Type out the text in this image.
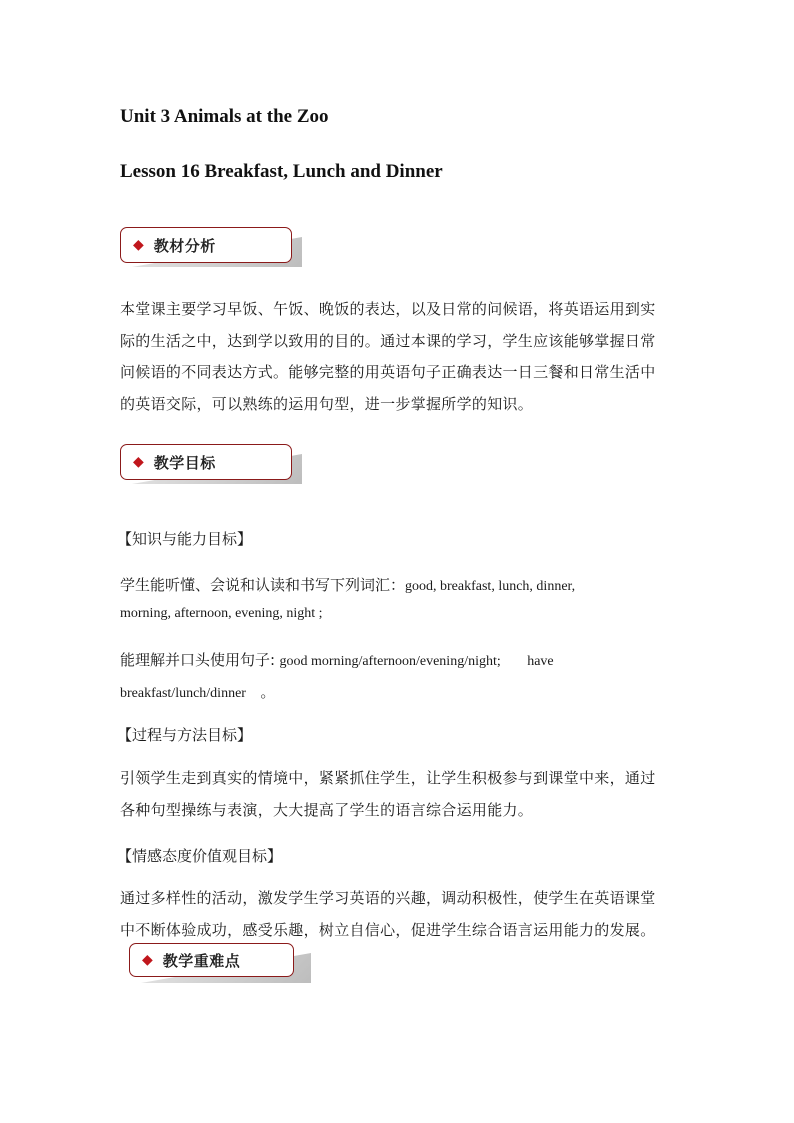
Unit 3 Animals at the Zoo
Lesson 16 Breakfast, Lunch and Dinner
◆ 教材分析

本堂课主要学习早饭、午饭、晚饭的表达，以及日常的问候语，将英语运用到实
际的生活之中，达到学以致用的目的。通过本课的学习，学生应该能够掌握日常
问候语的不同表达方式。能够完整的用英语句子正确表达一日三餐和日常生活中
的英语交际，可以熟练的运用句型，进一步掌握所学的知识。

◆ 教学目标
【知识与能力目标】
学生能听懂、会说和认读和书写下列词汇：good, breakfast, lunch, dinner,
morning, afternoon, evening, night ;
能理解并口头使用句子: good morning/afternoon/evening/night; have
breakfast/lunch/dinner 。
【过程与方法目标】

引领学生走到真实的情境中，紧紧抓住学生，让学生积极参与到课堂中来，通过
各种句型操练与表演，大大提高了学生的语言综合运用能力。

【情感态度价值观目标】

通过多样性的活动，激发学生学习英语的兴趣，调动积极性，使学生在英语课堂
中不断体验成功，感受乐趣，树立自信心，促进学生综合语言运用能力的发展。

◆ 教学重难点
